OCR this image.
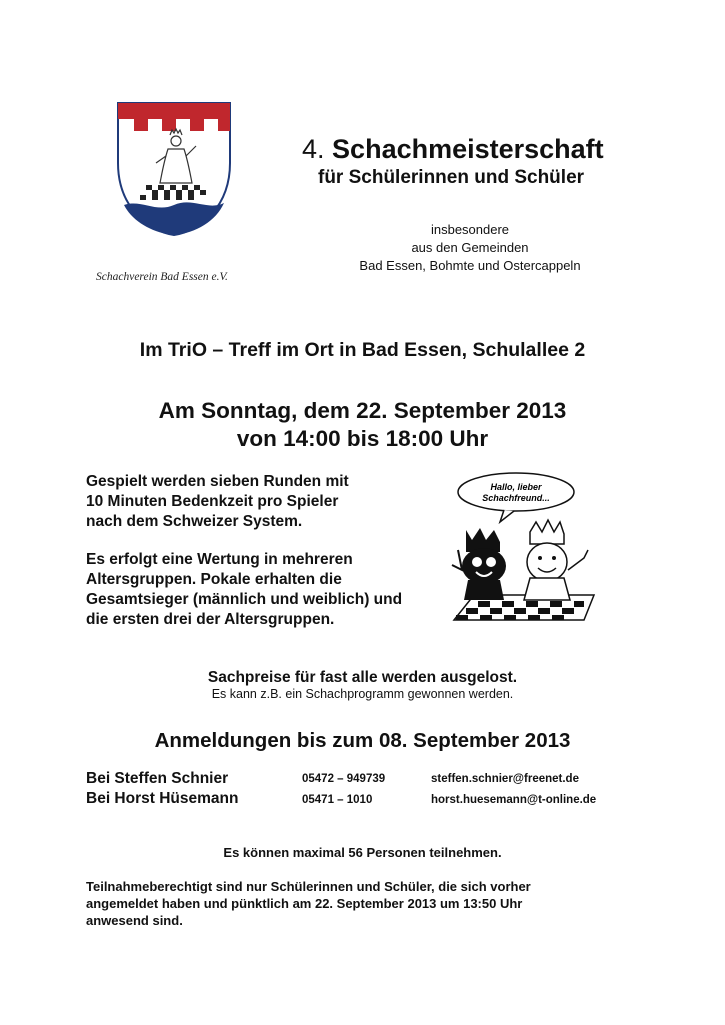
Schachverein Bad Essen e.V.
4. Schachmeisterschaft
für Schülerinnen und Schüler
insbesondere
aus den Gemeinden
Bad Essen, Bohmte und Ostercappeln
Im TriO – Treff im Ort in Bad Essen, Schulallee 2
Am Sonntag, dem 22. September 2013
von 14:00 bis 18:00 Uhr
Gespielt werden sieben Runden mit
10 Minuten Bedenkzeit pro Spieler
nach dem Schweizer System.
Es erfolgt eine Wertung in mehreren
Altersgruppen. Pokale erhalten die
Gesamtsieger (männlich und weiblich) und
die ersten drei der Altersgruppen.
Hallo, lieber
Schachfreund...
Sachpreise für fast alle werden ausgelost.
Es kann z.B. ein Schachprogramm gewonnen werden.
Anmeldungen bis zum 08. September 2013
Bei Steffen Schnier	05472 – 949739	steffen.schnier@freenet.de
Bei Horst Hüsemann	05471 – 1010	horst.huesemann@t-online.de
Es können maximal 56 Personen teilnehmen.
Teilnahmeberechtigt sind nur Schülerinnen und Schüler, die sich vorher
angemeldet haben und pünktlich am 22. September 2013 um 13:50 Uhr
anwesend sind.
